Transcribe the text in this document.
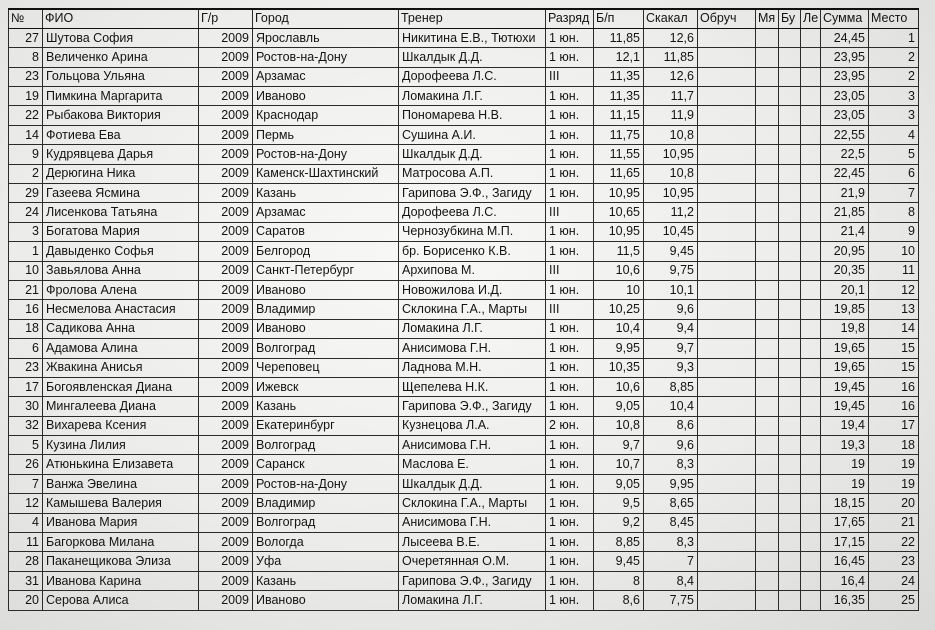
№	ФИО	Г/р	Город	Тренер	Разряд	Б/п	Скакал	Обруч	Мя	Бу	Ле	Сумма	Место
27	Шутова София	2009	Ярославль	Никитина Е.В., Тютюхи	1 юн.	11,85	12,6					24,45	1
8	Величенко Арина	2009	Ростов-на-Дону	Шкалдык Д.Д.	1 юн.	12,1	11,85					23,95	2
23	Гольцова Ульяна	2009	Арзамас	Дорофеева Л.С.	III	11,35	12,6					23,95	2
19	Пимкина Маргарита	2009	Иваново	Ломакина Л.Г.	1 юн.	11,35	11,7					23,05	3
22	Рыбакова Виктория	2009	Краснодар	Пономарева Н.В.	1 юн.	11,15	11,9					23,05	3
14	Фотиева Ева	2009	Пермь	Сушина А.И.	1 юн.	11,75	10,8					22,55	4
9	Кудрявцева Дарья	2009	Ростов-на-Дону	Шкалдык Д.Д.	1 юн.	11,55	10,95					22,5	5
2	Дерюгина Ника	2009	Каменск-Шахтинский	Матросова А.П.	1 юн.	11,65	10,8					22,45	6
29	Газеева Ясмина	2009	Казань	Гарипова Э.Ф., Загиду	1 юн.	10,95	10,95					21,9	7
24	Лисенкова Татьяна	2009	Арзамас	Дорофеева Л.С.	III	10,65	11,2					21,85	8
3	Богатова Мария	2009	Саратов	Чернозубкина М.П.	1 юн.	10,95	10,45					21,4	9
1	Давыденко Софья	2009	Белгород	бр. Борисенко К.В.	1 юн.	11,5	9,45					20,95	10
10	Завьялова Анна	2009	Санкт-Петербург	Архипова М.	III	10,6	9,75					20,35	11
21	Фролова Алена	2009	Иваново	Новожилова И.Д.	1 юн.	10	10,1					20,1	12
16	Несмелова Анастасия	2009	Владимир	Склокина Г.А., Марты	III	10,25	9,6					19,85	13
18	Садикова Анна	2009	Иваново	Ломакина Л.Г.	1 юн.	10,4	9,4					19,8	14
6	Адамова Алина	2009	Волгоград	Анисимова Г.Н.	1 юн.	9,95	9,7					19,65	15
23	Жвакина Анисья	2009	Череповец	Ладнова М.Н.	1 юн.	10,35	9,3					19,65	15
17	Богоявленская Диана	2009	Ижевск	Щепелева Н.К.	1 юн.	10,6	8,85					19,45	16
30	Мингалеева Диана	2009	Казань	Гарипова Э.Ф., Загиду	1 юн.	9,05	10,4					19,45	16
32	Вихарева Ксения	2009	Екатеринбург	Кузнецова Л.А.	2 юн.	10,8	8,6					19,4	17
5	Кузина Лилия	2009	Волгоград	Анисимова Г.Н.	1 юн.	9,7	9,6					19,3	18
26	Атюнькина Елизавета	2009	Саранск	Маслова Е.	1 юн.	10,7	8,3					19	19
7	Ванжа Эвелина	2009	Ростов-на-Дону	Шкалдык Д.Д.	1 юн.	9,05	9,95					19	19
12	Камышева Валерия	2009	Владимир	Склокина Г.А., Марты	1 юн.	9,5	8,65					18,15	20
4	Иванова Мария	2009	Волгоград	Анисимова Г.Н.	1 юн.	9,2	8,45					17,65	21
11	Багоркова Милана	2009	Вологда	Лысеева В.Е.	1 юн.	8,85	8,3					17,15	22
28	Паканещикова Элиза	2009	Уфа	Очеретянная О.М.	1 юн.	9,45	7					16,45	23
31	Иванова Карина	2009	Казань	Гарипова Э.Ф., Загиду	1 юн.	8	8,4					16,4	24
20	Серова Алиса	2009	Иваново	Ломакина Л.Г.	1 юн.	8,6	7,75					16,35	25
